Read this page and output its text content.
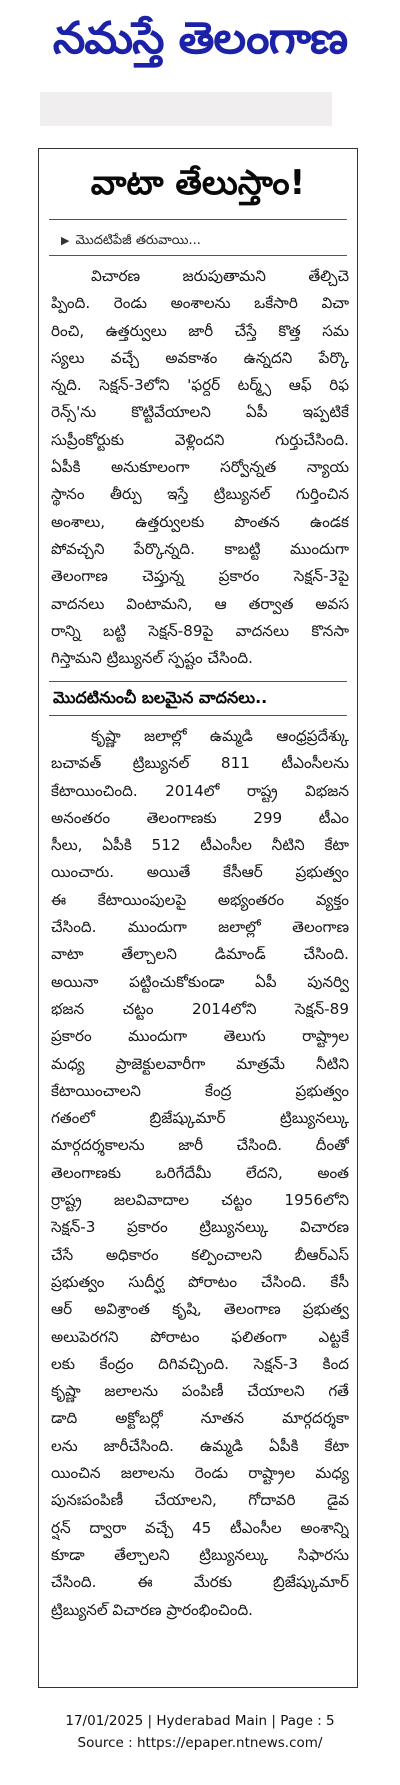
నమస్తే తెలంగాణ
వాటా తేలుస్తాం!
▶ మొదటిపేజీ తరువాయి...
విచారణ జరుపుతామని తేల్చిచె
ప్పింది. రెండు అంశాలను ఒకేసారి విచా
రించి, ఉత్తర్వులు జారీ చేస్తే కొత్త సమ
స్యలు వచ్చే అవకాశం ఉన్నదని పేర్కొ
న్నది. సెక్షన్-3లోని 'ఫర్దర్ టర్మ్స్ ఆఫ్ రిఫ
రెన్స్'ను కొట్టివేయాలని ఏపీ ఇప్పటికే
సుప్రీంకోర్టుకు వెళ్లిందని గుర్తుచేసింది.
ఏపీకి అనుకూలంగా సర్వోన్నత న్యాయ
స్థానం తీర్పు ఇస్తే ట్రిబ్యునల్ గుర్తించిన
అంశాలు, ఉత్తర్వులకు పొంతన ఉండక
పోవచ్చని పేర్కొన్నది. కాబట్టి ముందుగా
తెలంగాణ చెప్తున్న ప్రకారం సెక్షన్-3పై
వాదనలు వింటామని, ఆ తర్వాత అవస
రాన్ని బట్టి సెక్షన్-89పై వాదనలు కొనసా
గిస్తామని ట్రిబ్యునల్ స్పష్టం చేసింది.
మొదటినుంచీ బలమైన వాదనలు..
కృష్ణా జలాల్లో ఉమ్మడి ఆంధ్రప్రదేశ్కు
బచావత్ ట్రిబ్యునల్ 811 టీఎంసీలను
కేటాయించింది. 2014లో రాష్ట్ర విభజన
అనంతరం తెలంగాణకు 299 టీఎం
సీలు, ఏపీకి 512 టీఎంసీల నీటిని కేటా
యించారు. అయితే కేసీఆర్ ప్రభుత్వం
ఈ కేటాయింపులపై అభ్యంతరం వ్యక్తం
చేసింది. ముందుగా జలాల్లో తెలంగాణ
వాటా తేల్చాలని డిమాండ్ చేసింది.
అయినా పట్టించుకోకుండా ఏపీ పునర్వి
భజన చట్టం 2014లోని సెక్షన్-89
ప్రకారం ముందుగా తెలుగు రాష్ట్రాల
మధ్య ప్రాజెక్టులవారీగా మాత్రమే నీటిని
కేటాయించాలని కేంద్ర ప్రభుత్వం
గతంలో బ్రిజేష్కుమార్ ట్రిబ్యునల్కు
మార్గదర్శకాలను జారీ చేసింది. దీంతో
తెలంగాణకు ఒరిగేదేమీ లేదని, అంత
ర్రాష్ట్ర జలవివాదాల చట్టం 1956లోని
సెక్షన్-3 ప్రకారం ట్రిబ్యునల్కు విచారణ
చేసే అధికారం కల్పించాలని బీఆర్ఎస్
ప్రభుత్వం సుదీర్ఘ పోరాటం చేసింది. కేసీ
ఆర్ అవిశ్రాంత కృషి, తెలంగాణ ప్రభుత్వ
అలుపెరగని పోరాటం ఫలితంగా ఎట్టకే
లకు కేంద్రం దిగివచ్చింది. సెక్షన్-3 కింద
కృష్ణా జలాలను పంపిణీ చేయాలని గతే
డాది అక్టోబర్లో నూతన మార్గదర్శకా
లను జారీచేసింది. ఉమ్మడి ఏపీకి కేటా
యించిన జలాలను రెండు రాష్ట్రాల మధ్య
పునఃపంపిణీ చేయాలని, గోదావరి డైవ
ర్షన్ ద్వారా వచ్చే 45 టీఎంసీల అంశాన్ని
కూడా తేల్చాలని ట్రిబ్యునల్కు సిఫారసు
చేసింది. ఈ మేరకు బ్రిజేష్కుమార్
ట్రిబ్యునల్ విచారణ ప్రారంభించింది.
17/01/2025 | Hyderabad Main | Page : 5
Source : https://epaper.ntnews.com/
